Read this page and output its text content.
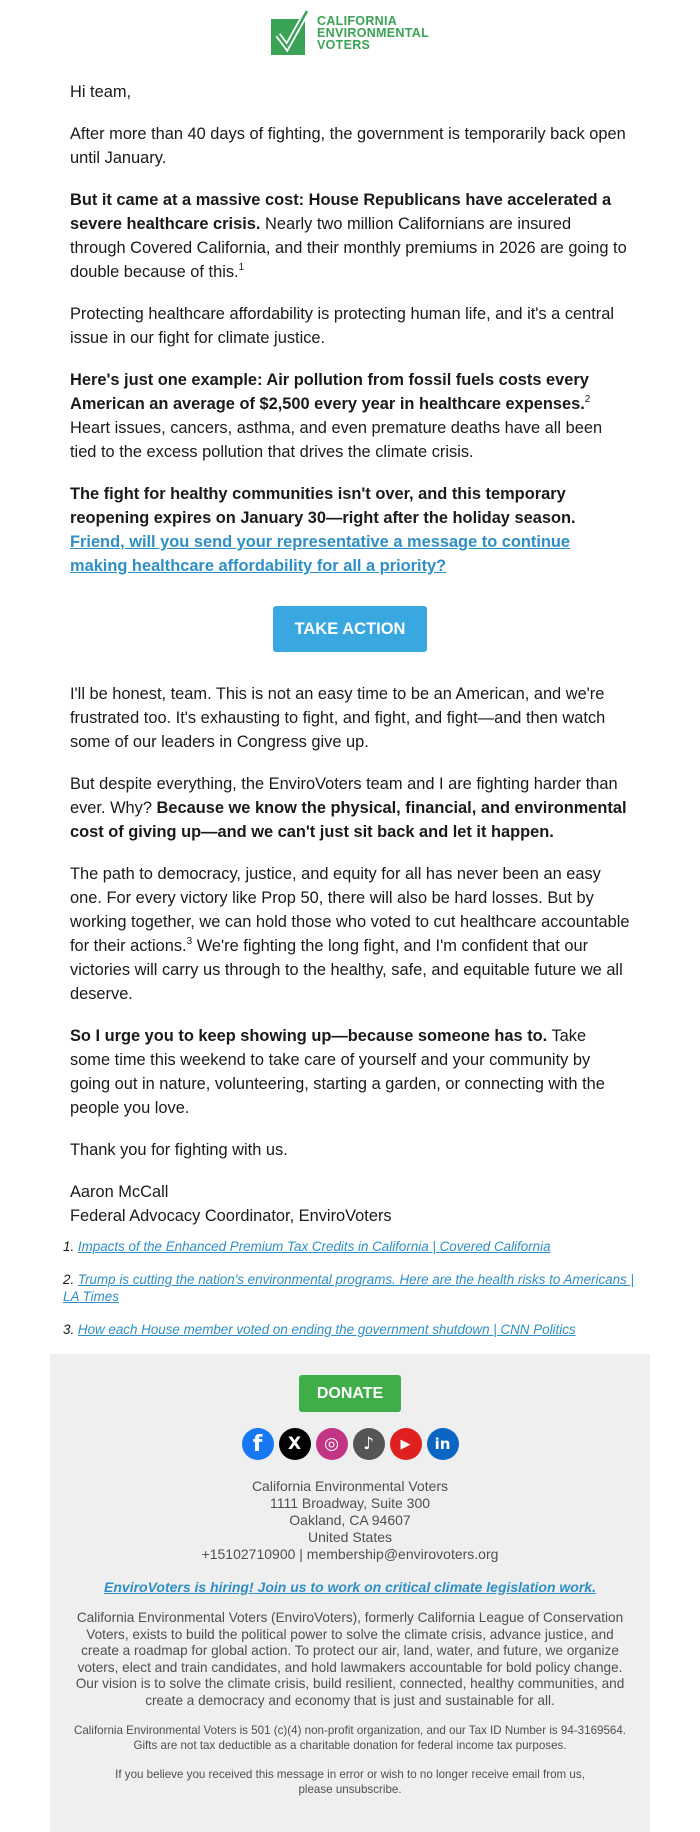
CALIFORNIA
ENVIRONMENTAL
VOTERS

Hi team,

After more than 40 days of fighting, the government is temporarily back open until January.

But it came at a massive cost: House Republicans have accelerated a severe healthcare crisis. Nearly two million Californians are insured through Covered California, and their monthly premiums in 2026 are going to double because of this.$^1$

Protecting healthcare affordability is protecting human life, and it's a central issue in our fight for climate justice.

Here's just one example: Air pollution from fossil fuels costs every American an average of $2,500 every year in healthcare expenses.$^2$ Heart issues, cancers, asthma, and even premature deaths have all been tied to the excess pollution that drives the climate crisis.

The fight for healthy communities isn't over, and this temporary reopening expires on January 30—right after the holiday season. Friend, will you send your representative a message to continue making healthcare affordability for all a priority?

TAKE ACTION

I'll be honest, team. This is not an easy time to be an American, and we're frustrated too. It's exhausting to fight, and fight, and fight—and then watch some of our leaders in Congress give up.

But despite everything, the EnviroVoters team and I are fighting harder than ever. Why? Because we know the physical, financial, and environmental cost of giving up—and we can't just sit back and let it happen.

The path to democracy, justice, and equity for all has never been an easy one. For every victory like Prop 50, there will also be hard losses. But by working together, we can hold those who voted to cut healthcare accountable for their actions.$^3$ We're fighting the long fight, and I'm confident that our victories will carry us through to the healthy, safe, and equitable future we all deserve.

So I urge you to keep showing up—because someone has to. Take some time this weekend to take care of yourself and your community by going out in nature, volunteering, starting a garden, or connecting with the people you love.

Thank you for fighting with us.

Aaron McCall
Federal Advocacy Coordinator, EnviroVoters

1. Impacts of the Enhanced Premium Tax Credits in California | Covered California
2. Trump is cutting the nation's environmental programs. Here are the health risks to Americans | LA Times
3. How each House member voted on ending the government shutdown | CNN Politics
DONATE
f	X	◎	♪	▶	in
California Environmental Voters
1111 Broadway, Suite 300
Oakland, CA 94607
United States
+15102710900 | membership@envirovoters.org
EnviroVoters is hiring! Join us to work on critical climate legislation work.
California Environmental Voters (EnviroVoters), formerly California League of Conservation Voters, exists to build the political power to solve the climate crisis, advance justice, and create a roadmap for global action. To protect our air, land, water, and future, we organize voters, elect and train candidates, and hold lawmakers accountable for bold policy change. Our vision is to solve the climate crisis, build resilient, connected, healthy communities, and create a democracy and economy that is just and sustainable for all.
California Environmental Voters is 501 (c)(4) non-profit organization, and our Tax ID Number is 94-3169564. Gifts are not tax deductible as a charitable donation for federal income tax purposes.
If you believe you received this message in error or wish to no longer receive email from us, please unsubscribe.
